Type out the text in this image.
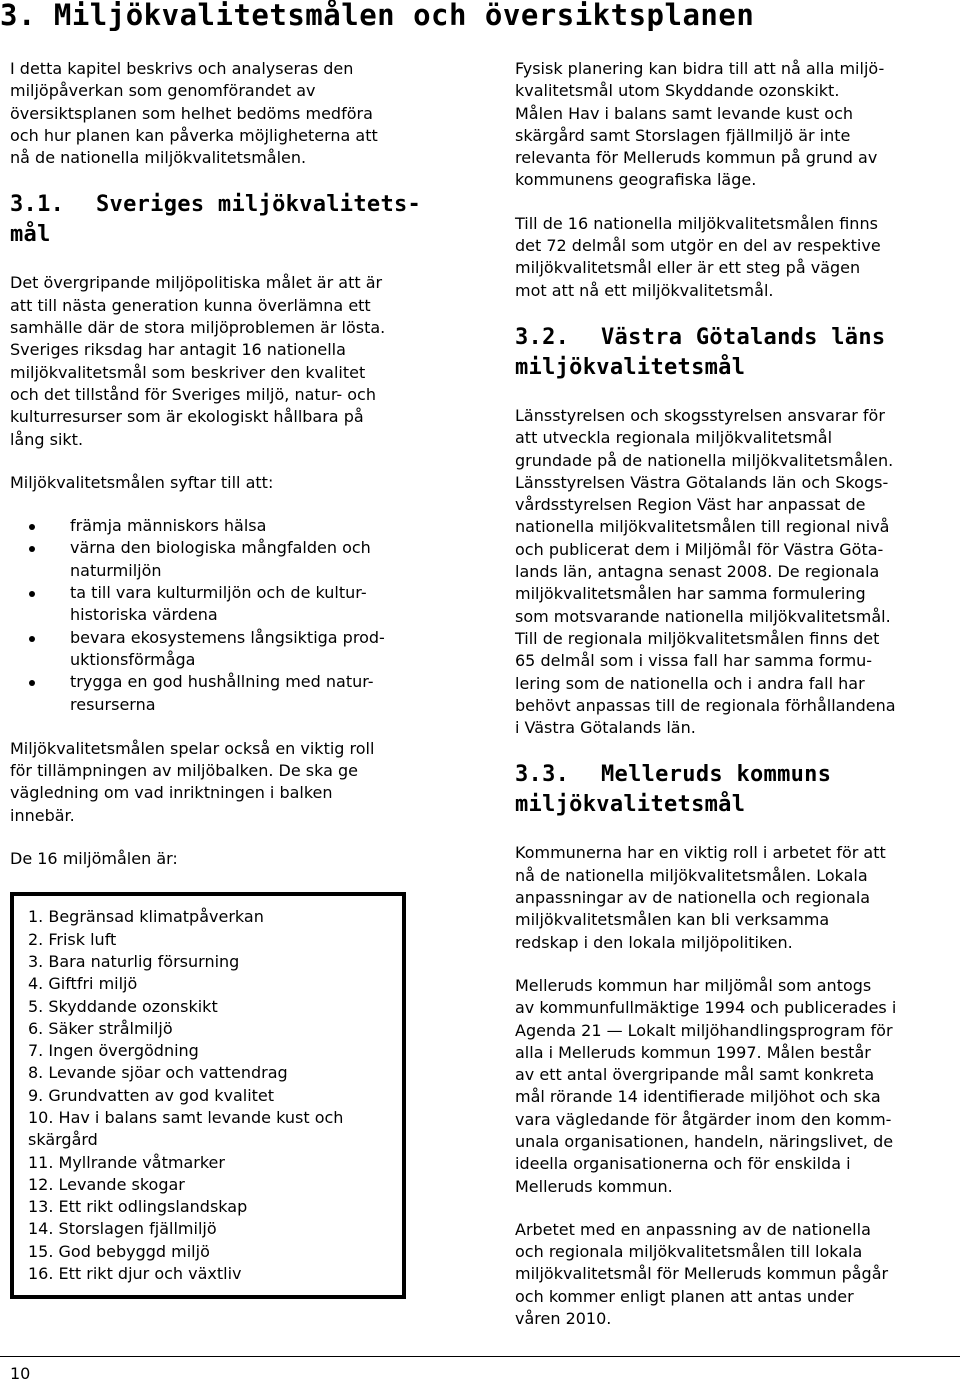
3. Miljökvalitetsmålen och översiktsplanen

I detta kapitel beskrivs och analyseras den
miljöpåverkan som genomförandet av
översiktsplanen som helhet bedöms medföra
och hur planen kan påverka möjligheterna att
nå de nationella miljökvalitetsmålen.

3.1. Sveriges miljökvalitets-
mål

Det övergripande miljöpolitiska målet är att är
att till nästa generation kunna överlämna ett
samhälle där de stora miljöproblemen är lösta.
Sveriges riksdag har antagit 16 nationella
miljökvalitetsmål som beskriver den kvalitet
och det tillstånd för Sveriges miljö, natur- och
kulturresurser som är ekologiskt hållbara på
lång sikt.

Miljökvalitetsmålen syftar till att:

främja människors hälsa
värna den biologiska mångfalden och
naturmiljön
ta till vara kulturmiljön och de kultur-
historiska värdena
bevara ekosystemens långsiktiga prod-
uktionsförmåga
trygga en god hushållning med natur-
resurserna

Miljökvalitetsmålen spelar också en viktig roll
för tillämpningen av miljöbalken. De ska ge
vägledning om vad inriktningen i balken
innebär.

De 16 miljömålen är:

1. Begränsad klimatpåverkan
2. Frisk luft
3. Bara naturlig försurning
4. Giftfri miljö
5. Skyddande ozonskikt
6. Säker strålmiljö
7. Ingen övergödning
8. Levande sjöar och vattendrag
9. Grundvatten av god kvalitet
10. Hav i balans samt levande kust och
skärgård
11. Myllrande våtmarker
12. Levande skogar
13. Ett rikt odlingslandskap
14. Storslagen fjällmiljö
15. God bebyggd miljö
16. Ett rikt djur och växtliv

Fysisk planering kan bidra till att nå alla miljö-
kvalitetsmål utom Skyddande ozonskikt.
Målen Hav i balans samt levande kust och
skärgård samt Storslagen fjällmiljö är inte
relevanta för Melleruds kommun på grund av
kommunens geografiska läge.

Till de 16 nationella miljökvalitetsmålen finns
det 72 delmål som utgör en del av respektive
miljökvalitetsmål eller är ett steg på vägen
mot att nå ett miljökvalitetsmål.

3.2. Västra Götalands läns
miljökvalitetsmål

Länsstyrelsen och skogsstyrelsen ansvarar för
att utveckla regionala miljökvalitetsmål
grundade på de nationella miljökvalitetsmålen.
Länsstyrelsen Västra Götalands län och Skogs-
vårdsstyrelsen Region Väst har anpassat de
nationella miljökvalitetsmålen till regional nivå
och publicerat dem i Miljömål för Västra Göta-
lands län, antagna senast 2008. De regionala
miljökvalitetsmålen har samma formulering
som motsvarande nationella miljökvalitetsmål.
Till de regionala miljökvalitetsmålen finns det
65 delmål som i vissa fall har samma formu-
lering som de nationella och i andra fall har
behövt anpassas till de regionala förhållandena
i Västra Götalands län.

3.3. Melleruds kommuns
miljökvalitetsmål

Kommunerna har en viktig roll i arbetet för att
nå de nationella miljökvalitetsmålen. Lokala
anpassningar av de nationella och regionala
miljökvalitetsmålen kan bli verksamma
redskap i den lokala miljöpolitiken.

Melleruds kommun har miljömål som antogs
av kommunfullmäktige 1994 och publicerades i
Agenda 21 — Lokalt miljöhandlingsprogram för
alla i Melleruds kommun 1997. Målen består
av ett antal övergripande mål samt konkreta
mål rörande 14 identifierade miljöhot och ska
vara vägledande för åtgärder inom den komm-
unala organisationen, handeln, näringslivet, de
ideella organisationerna och för enskilda i
Melleruds kommun.

Arbetet med en anpassning av de nationella
och regionala miljökvalitetsmålen till lokala
miljökvalitetsmål för Melleruds kommun pågår
och kommer enligt planen att antas under
våren 2010.

10
